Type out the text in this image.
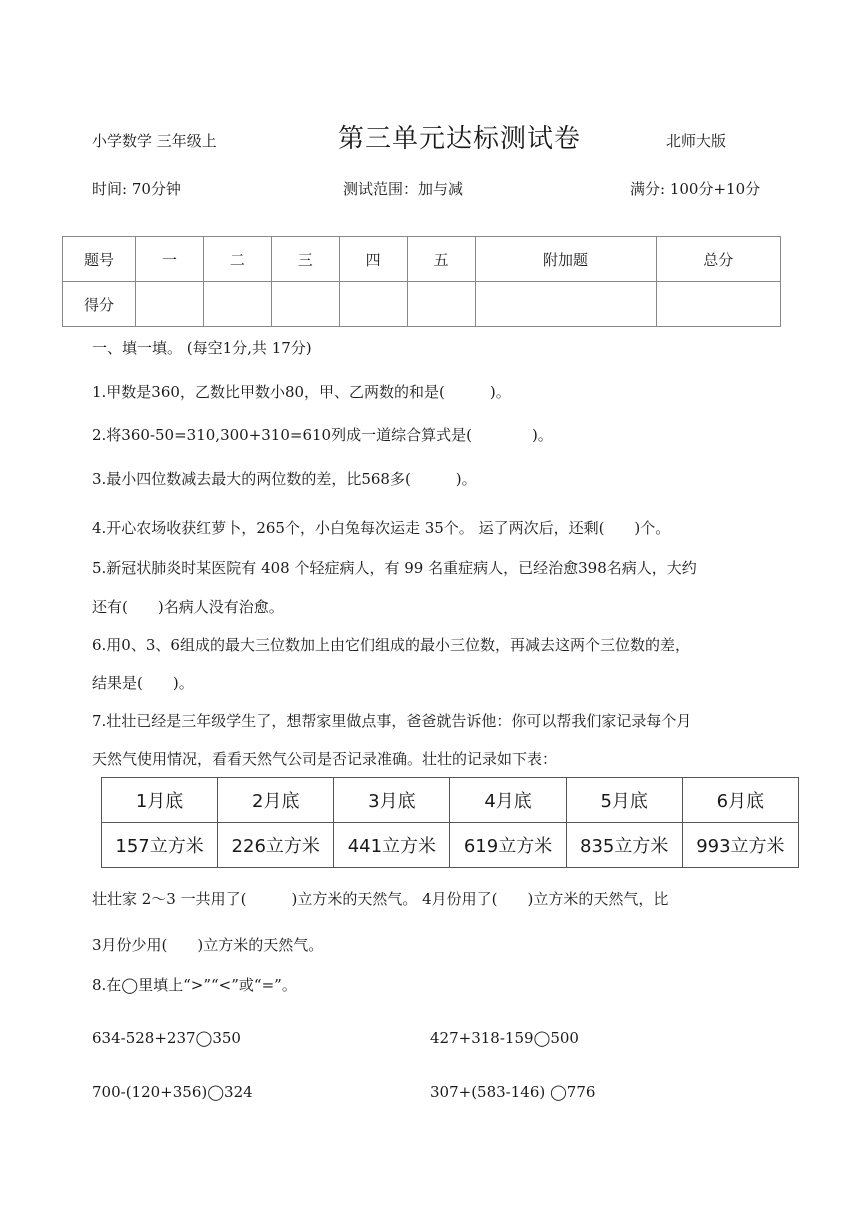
小学数学 三年级上	第三单元达标测试卷	北师大版
时间: 70分钟	测试范围：加与减	满分: 100分+10分
题号	一	二	三	四	五	附加题	总分
得分							
一、填一填。 (每空1分,共 17分)
1.甲数是360，乙数比甲数小80，甲、乙两数的和是(　　　)。
2.将360-50=310,300+310=610列成一道综合算式是(　　　　)。
3.最小四位数减去最大的两位数的差，比568多(　　　)。
4.开心农场收获红萝卜，265个，小白兔每次运走 35个。 运了两次后，还剩(　　)个。
5.新冠状肺炎时某医院有 408 个轻症病人，有 99 名重症病人，已经治愈398名病人，大约
还有(　　)名病人没有治愈。
6.用0、3、6组成的最大三位数加上由它们组成的最小三位数，再减去这两个三位数的差，
结果是(　　)。
7.壮壮已经是三年级学生了，想帮家里做点事，爸爸就告诉他：你可以帮我们家记录每个月
天然气使用情况，看看天然气公司是否记录准确。壮壮的记录如下表：
1月底	2月底	3月底	4月底	5月底	6月底
157立方米	226立方米	441立方米	619立方米	835立方米	993立方米
壮壮家 2～3 一共用了(　　　)立方米的天然气。 4月份用了(　　)立方米的天然气，比
3月份少用(　　)立方米的天然气。
8.在◯里填上“>”“<”或“=”。
634-528+237◯350	427+318-159◯500
700-(120+356)◯324	307+(583-146) ◯776
